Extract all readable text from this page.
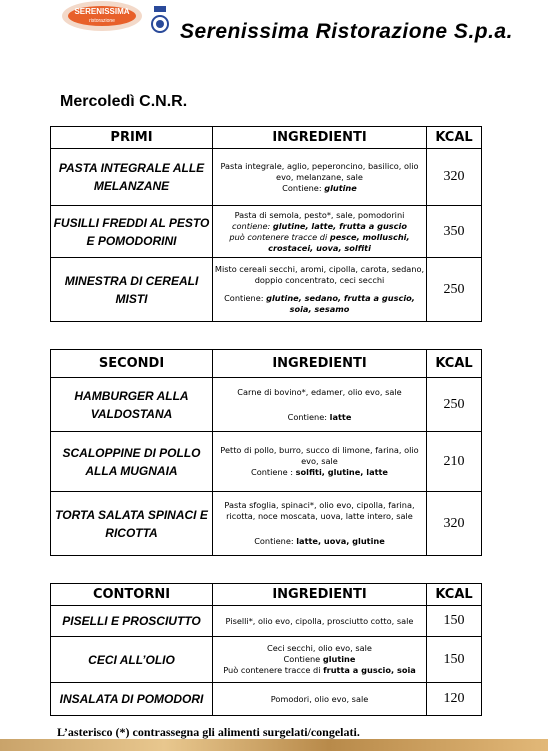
SERENISSIMA
ristorazione	Serenissima Ristorazione S.p.a.
Mercoledì C.N.R.
PRIMI	INGREDIENTI	KCAL
PASTA INTEGRALE ALLE MELANZANE	Pasta integrale, aglio, peperoncino, basilico, olio evo, melanzane, sale

Contiene: glutine	320
FUSILLI FREDDI AL PESTO E POMODORINI	Pasta di semola, pesto*, sale, pomodorini

contiene: glutine, latte, frutta a guscio

può contenere tracce di pesce, molluschi, crostacei, uova, solfiti	350
MINESTRA DI CEREALI MISTI	Misto cereali secchi, aromi, cipolla, carota, sedano, doppio concentrato, ceci secchi

Contiene: glutine, sedano, frutta a guscio, soia, sesamo	250
SECONDI	INGREDIENTI	KCAL
HAMBURGER ALLA VALDOSTANA	Carne di bovino*, edamer, olio evo, sale

Contiene: latte	250
SCALOPPINE DI POLLO ALLA MUGNAIA	Petto di pollo, burro, succo di limone, farina, olio evo, sale

Contiene : solfiti, glutine, latte	210
TORTA SALATA SPINACI E RICOTTA	Pasta sfoglia, spinaci*, olio evo, cipolla, farina, ricotta, noce moscata, uova, latte intero, sale

Contiene: latte, uova, glutine	320
CONTORNI	INGREDIENTI	KCAL
PISELLI E PROSCIUTTO	Piselli*, olio evo, cipolla, prosciutto cotto, sale	150
CECI ALL’OLIO	Ceci secchi, olio evo, sale

Contiene glutine

Può contenere tracce di frutta a guscio, soia	150
INSALATA DI POMODORI	Pomodori, olio evo, sale	120
L’asterisco (*) contrassegna gli alimenti surgelati/congelati.
